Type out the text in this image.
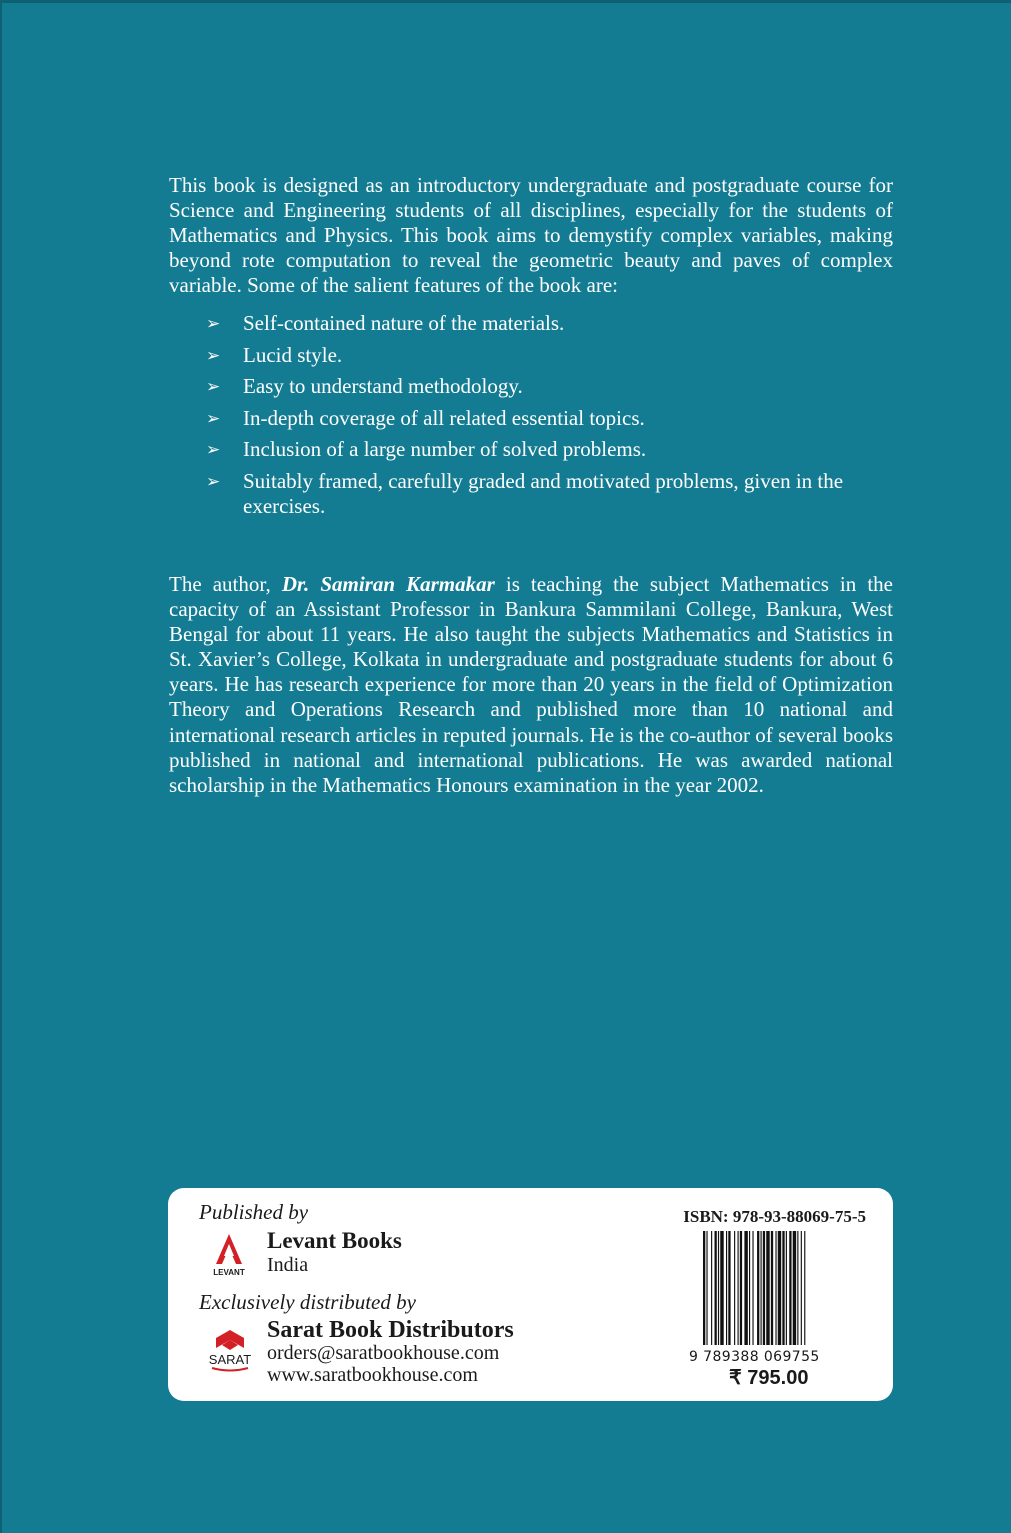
This book is designed as an introductory undergraduate and postgraduate course for Science and Engineering students of all disciplines, especially for the students of Mathematics and Physics. This book aims to demystify complex variables, making beyond rote computation to reveal the geometric beauty and paves of complex variable. Some of the salient features of the book are:

➢ Self-contained nature of the materials.
➢ Lucid style.
➢ Easy to understand methodology.
➢ In-depth coverage of all related essential topics.
➢ Inclusion of a large number of solved problems.
➢ Suitably framed, carefully graded and motivated problems, given in the exercises.

The author, Dr. Samiran Karmakar is teaching the subject Mathematics in the capacity of an Assistant Professor in Bankura Sammilani College, Bankura, West Bengal for about 11 years. He also taught the subjects Mathematics and Statistics in St. Xavier’s College, Kolkata in undergraduate and postgraduate students for about 6 years. He has research experience for more than 20 years in the field of Optimization Theory and Operations Research and published more than 10 national and international research articles in reputed journals. He is the co-author of several books published in national and international publications. He was awarded national scholarship in the Mathematics Honours examination in the year 2002.

Published by
LEVANT
Levant Books
India
Exclusively distributed by
SARAT
Sarat Book Distributors
orders@saratbookhouse.com
www.saratbookhouse.com
ISBN: 978-93-88069-75-5
9 789388 069755
₹ 795.00
